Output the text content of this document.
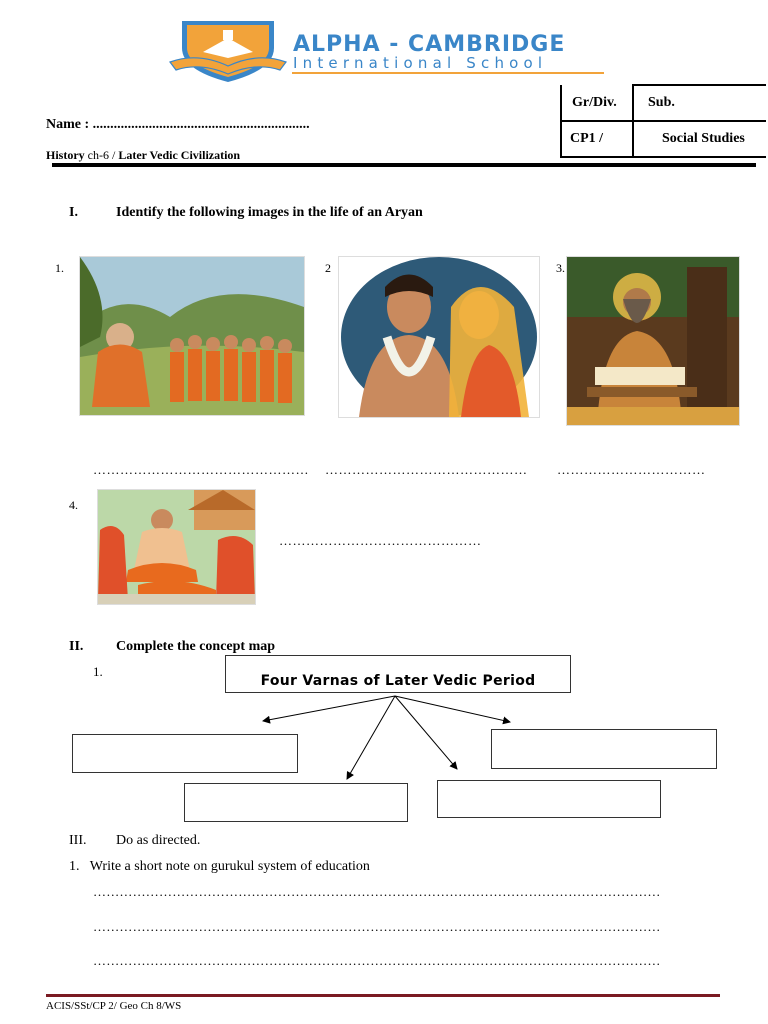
ALPHA - CAMBRIDGE
International School
Gr/Div.	Sub.
CP1 /	Social Studies
Name : ..............................................................
History ch-6 / Later Vedic Civilization
I.	Identify the following images in the life of an Aryan
1.	2	3.
………………………………………… ……………………………………… ……………………………
4.
………………………………………
II. Complete the concept map
1.
Four Varnas of Later Vedic Period
III. Do as directed.
1.   Write a short note on gurukul system of education
…………………………………………………………………………………………………………………
…………………………………………………………………………………………………………………
…………………………………………………………………………………………………………………
ACIS/SSt/CP 2/ Geo Ch 8/WS
